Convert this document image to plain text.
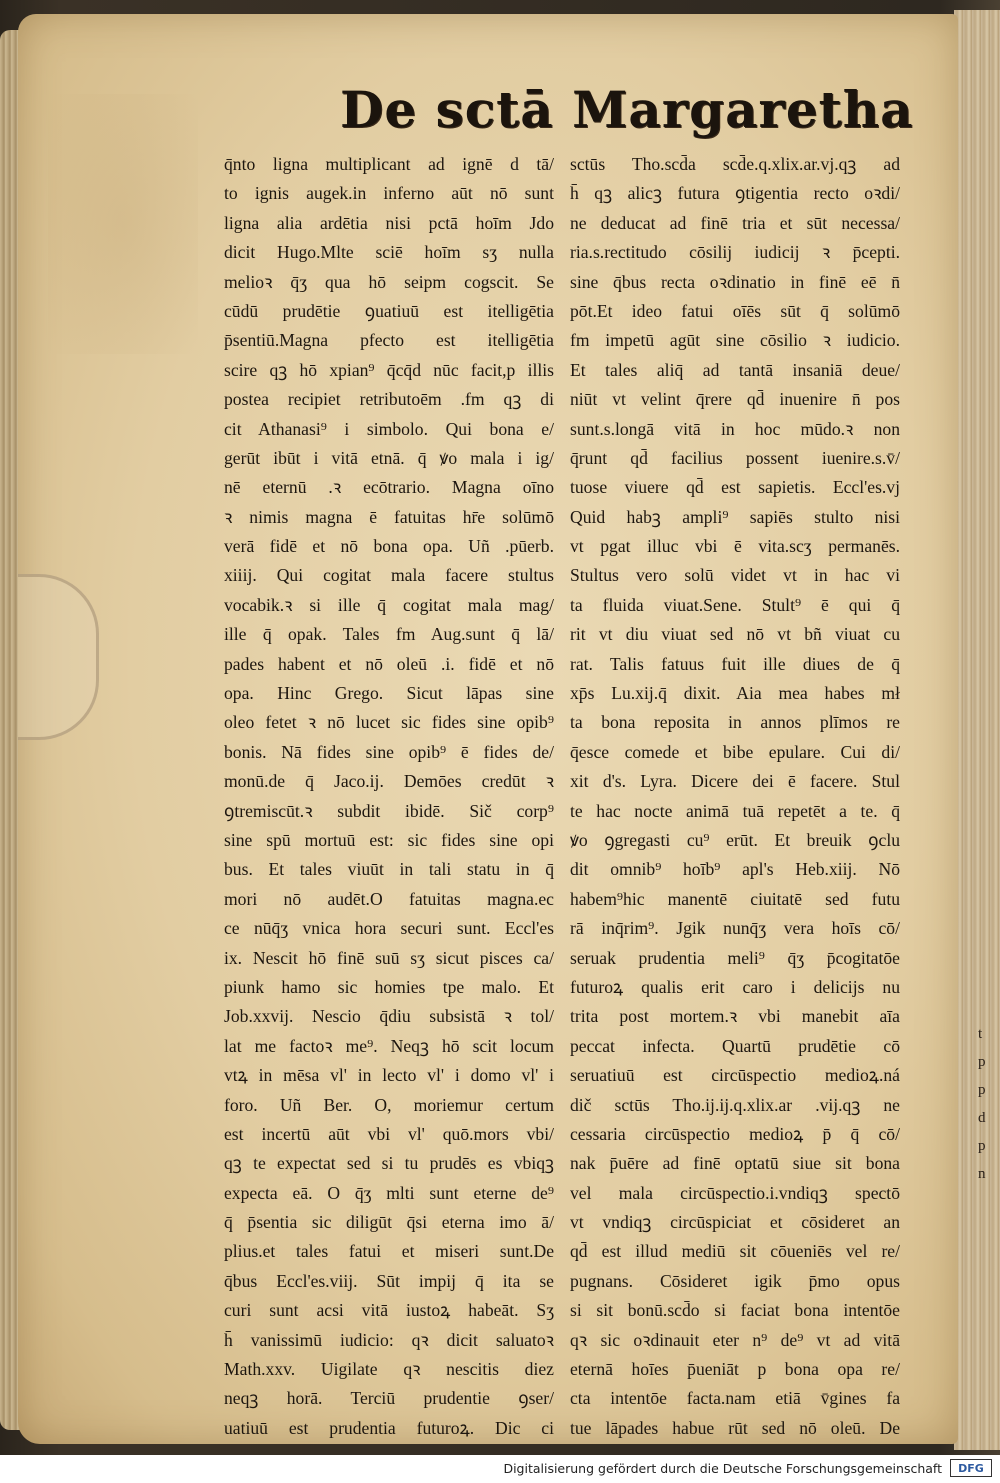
De sctā Margaretha
q̄nto ligna multiplicant ad ignē d tā/
to ignis augek.in inferno aūt nō sunt
ligna alia ardētia nisi pctā hoīm Jdo
dicit Hugo.Mlte sciē hoīm sʒ nulla
melioꝛ q̄ʒ qua hō seipm cogscit. Se
cūdū prudētie ꝯuatiuū est itelligētia
p̄sentiū.Magna pfecto est itelligētia
scire qꝫ hō xpian⁹ q̄cq̄d nūc facit,p illis
postea recipiet retributoēm .fm qꝫ di
cit Athanasi⁹ i simbolo. Qui bona e/
gerūt ibūt i vitā etnā. q̄ ꝟo mala i ig/
nē eternū .ꝛ ecōtrario. Magna oīno
ꝛ nimis magna ē fatuitas hr̄e solūmō
verā fidē et nō bona opa. Uñ .pūerb.
xiiij. Qui cogitat mala facere stultus
vocabik.ꝛ si ille q̄ cogitat mala mag/
ille q̄ opak. Tales fm Aug.sunt q̄ lā/
pades habent et nō oleū .i. fidē et nō
opa. Hinc Grego. Sicut lāpas sine
oleo fetet ꝛ nō lucet sic fides sine opib⁹
bonis. Nā fides sine opib⁹ ē fides de/
monū.de q̄ Jaco.ij. Demōes credūt ꝛ
ꝯtremiscūt.ꝛ subdit ibidē. Sič corp⁹
sine spū mortuū est: sic fides sine opi
bus. Et tales viuūt in tali statu in q̄
mori nō audēt.O fatuitas magna.ec
ce nūq̄ʒ vnica hora securi sunt. Eccl'es
ix. Nescit hō finē suū sʒ sicut pisces ca/
piunk hamo sic homies tpe malo. Et
Job.xxvij. Nescio q̄diu subsistā ꝛ tol/
lat me factoꝛ me⁹. Neqꝫ hō scit locum
vtꝝ in mēsa vl' in lecto vl' i domo vl' i
foro. Uñ Ber. O, moriemur certum
est incertū aūt vbi vl' quō.mors vbi/
qꝫ te expectat sed si tu prudēs es vbiqꝫ
expecta eā. O q̄ʒ mlti sunt eterne de⁹
q̄ p̄sentia sic diligūt q̄si eterna imo ā/
plius.et tales fatui et miseri sunt.De
q̄bus Eccl'es.viij. Sūt impij q̄ ita se
curi sunt acsi vitā iustoꝝ habeāt. Sʒ
h̄ vanissimū iudicio: qꝛ dicit saluatoꝛ
Math.xxv. Uigilate qꝛ nescitis diez
neqꝫ horā. Terciū prudentie ꝯser/
uatiuū est prudentia futuroꝝ. Dic ci
sctūs Tho.scd̄a scd̄e.q.xlix.ar.vj.qꝫ ad
h̄ qꝫ alicꝫ futura ꝯtigentia recto oꝛdi/
ne deducat ad finē tria et sūt necessa/
ria.s.rectitudo cōsilij iudicij ꝛ p̄cepti.
sine q̄bus recta oꝛdinatio in finē eē n̄
pōt.Et ideo fatui oīēs sūt q̄ solūmō
fm impetū agūt sine cōsilio ꝛ iudicio.
Et tales aliq̄ ad tantā insaniā deue/
niūt vt velint q̄rere qd̄ inuenire n̄ pos
sunt.s.longā vitā in hoc mūdo.ꝛ non
q̄runt qd̄ facilius possent iuenire.s.v̄/
tuose viuere qd̄ est sapietis. Eccl'es.vj
Quid habꝫ ampli⁹ sapiēs stulto nisi
vt pgat illuc vbi ē vita.scʒ permanēs.
Stultus vero solū videt vt in hac vi
ta fluida viuat.Sene. Stult⁹ ē qui q̄
rit vt diu viuat sed nō vt bñ viuat cu
rat. Talis fatuus fuit ille diues de q̄
xp̄s Lu.xij.q̄ dixit. Aia mea habes mł
ta bona reposita in annos plīmos re
q̄esce comede et bibe epulare. Cui di/
xit d's. Lyra. Dicere dei ē facere. Stul
te hac nocte animā tuā repetēt a te. q̄
ꝟo ꝯgregasti cu⁹ erūt. Et breuik ꝯclu
dit omnib⁹ hoīb⁹ apl's Heb.xiij. Nō
habem⁹hic manentē ciuitatē sed futu
rā inq̄rim⁹. Jgik nunq̄ʒ vera hoīs cō/
seruak prudentia meli⁹ q̄ʒ p̄cogitatōe
futuroꝝ qualis erit caro i delicijs nu
trita post mortem.ꝛ vbi manebit aīa
peccat infecta. Quartū prudētie cō
seruatiuū est circūspectio medioꝝ.ná
dič sctūs Tho.ij.ij.q.xlix.ar .vij.qꝫ ne
cessaria circūspectio medioꝝ p̄ q̄ cō/
nak p̄uēre ad finē optatū siue sit bona
vel mala circūspectio.i.vndiqꝫ spectō
vt vndiqꝫ circūspiciat et cōsideret an
qd̄ est illud mediū sit cōueniēs vel re/
pugnans. Cōsideret igik p̄mo opus
si sit bonū.scd̄o si faciat bona intentōe
qꝛ sic oꝛdinauit eter n⁹ de⁹ vt ad vitā
eternā hoīes p̄ueniāt p bona opa re/
cta intentōe facta.nam etiā v̄gines fa
tue lāpades habue rūt sed nō oleū. De
t
p
p
d
p
n
Digitalisierung gefördert durch die Deutsche Forschungsgemeinschaft	DFG
